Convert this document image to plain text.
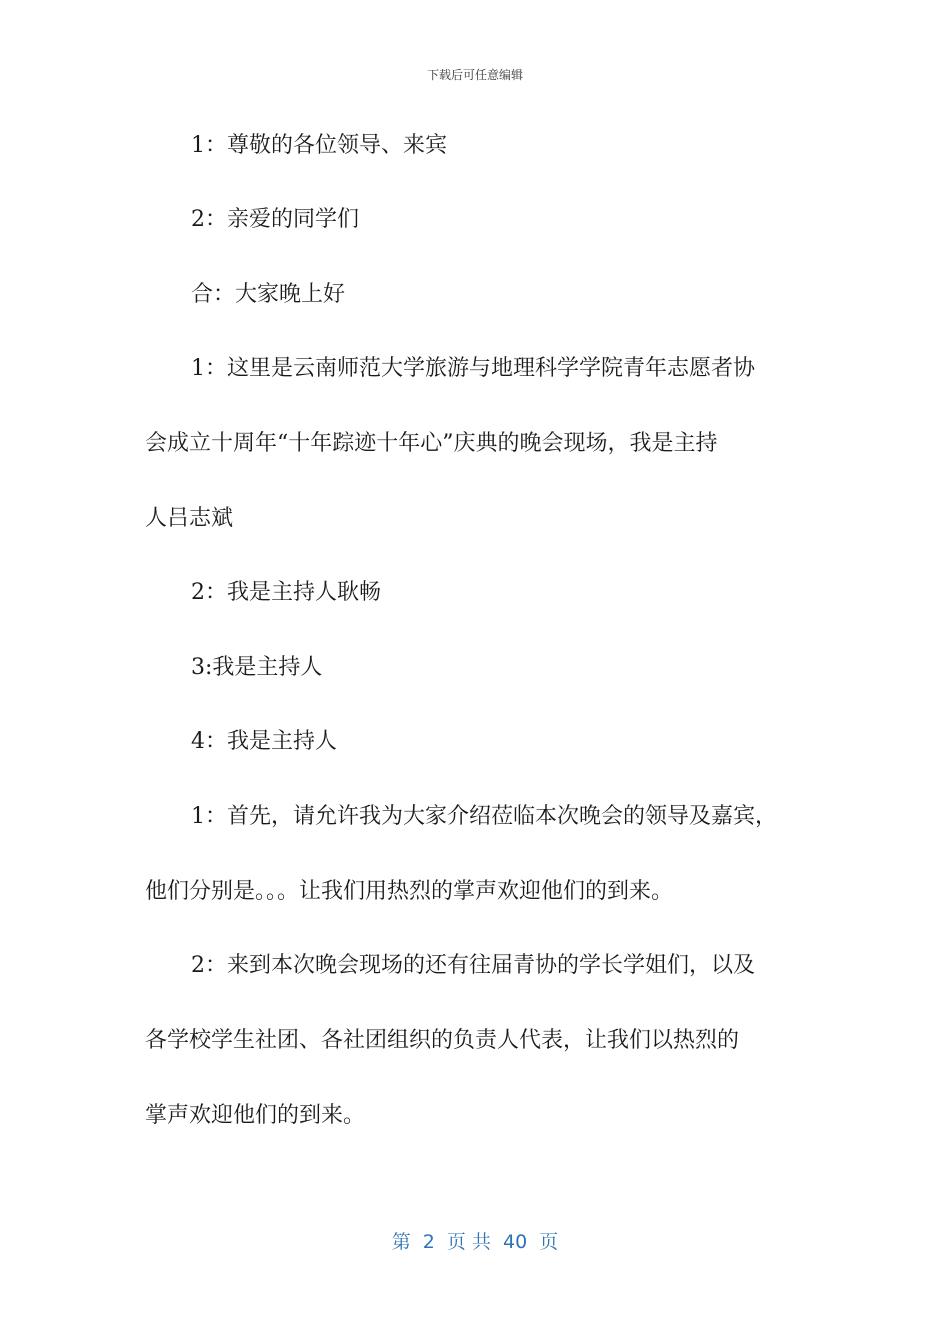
下载后可任意编辑
1：尊敬的各位领导、来宾
2：亲爱的同学们
合：大家晚上好
1：这里是云南师范大学旅游与地理科学学院青年志愿者协
会成立十周年“十年踪迹十年心”庆典的晚会现场，我是主持
人吕志斌
2：我是主持人耿畅
3:我是主持人
4：我是主持人
1：首先，请允许我为大家介绍莅临本次晚会的领导及嘉宾，
他们分别是。。。让我们用热烈的掌声欢迎他们的到来。
2：来到本次晚会现场的还有往届青协的学长学姐们，以及
各学校学生社团、各社团组织的负责人代表，让我们以热烈的
掌声欢迎他们的到来。
第  2  页 共  40  页
